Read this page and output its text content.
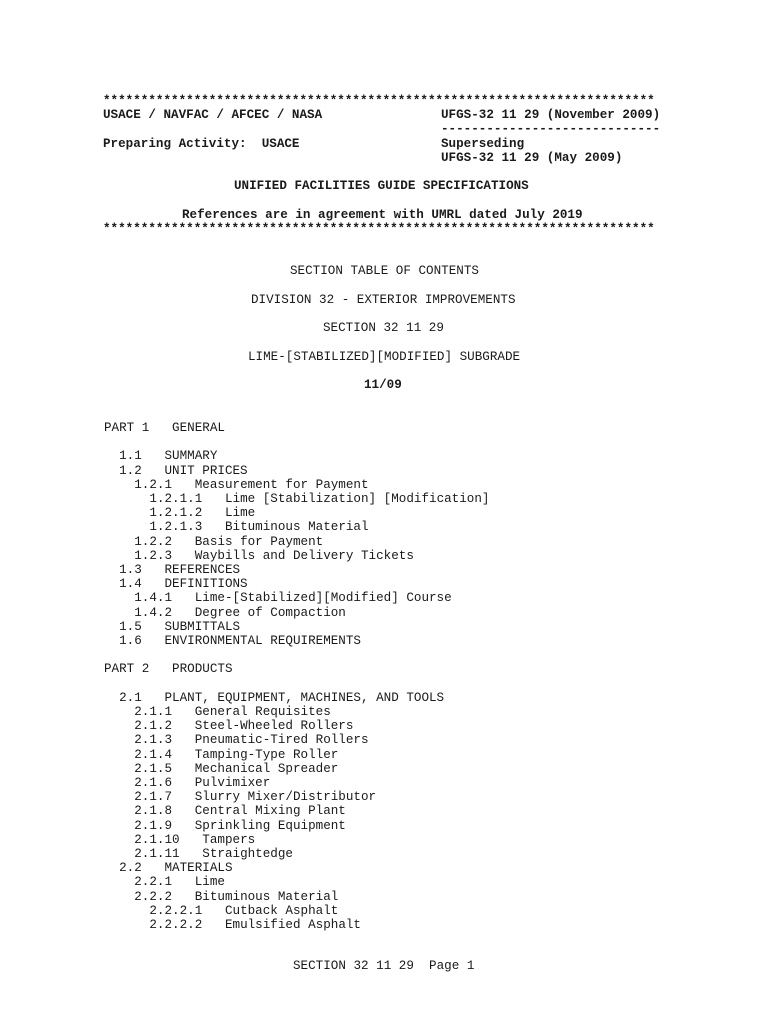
*************************************************************************
USACE / NAVFAC / AFCEC / NASA	UFGS-32 11 29 (November 2009)
-----------------------------
Preparing Activity:  USACE	Superseding
UFGS-32 11 29 (May 2009)
UNIFIED FACILITIES GUIDE SPECIFICATIONS
References are in agreement with UMRL dated July 2019
*************************************************************************
SECTION TABLE OF CONTENTS
DIVISION 32 - EXTERIOR IMPROVEMENTS
SECTION 32 11 29
LIME-[STABILIZED][MODIFIED] SUBGRADE
11/09
PART 1 GENERAL
1.1 SUMMARY
1.2 UNIT PRICES
1.2.1 Measurement for Payment
1.2.1.1 Lime [Stabilization] [Modification]
1.2.1.2 Lime
1.2.1.3 Bituminous Material
1.2.2 Basis for Payment
1.2.3 Waybills and Delivery Tickets
1.3 REFERENCES
1.4 DEFINITIONS
1.4.1 Lime-[Stabilized][Modified] Course
1.4.2 Degree of Compaction
1.5 SUBMITTALS
1.6 ENVIRONMENTAL REQUIREMENTS
PART 2 PRODUCTS
2.1 PLANT, EQUIPMENT, MACHINES, AND TOOLS
2.1.1 General Requisites
2.1.2 Steel-Wheeled Rollers
2.1.3 Pneumatic-Tired Rollers
2.1.4 Tamping-Type Roller
2.1.5 Mechanical Spreader
2.1.6 Pulvimixer
2.1.7 Slurry Mixer/Distributor
2.1.8 Central Mixing Plant
2.1.9 Sprinkling Equipment
2.1.10 Tampers
2.1.11 Straightedge
2.2 MATERIALS
2.2.1 Lime
2.2.2 Bituminous Material
2.2.2.1 Cutback Asphalt
2.2.2.2 Emulsified Asphalt
SECTION 32 11 29  Page 1
